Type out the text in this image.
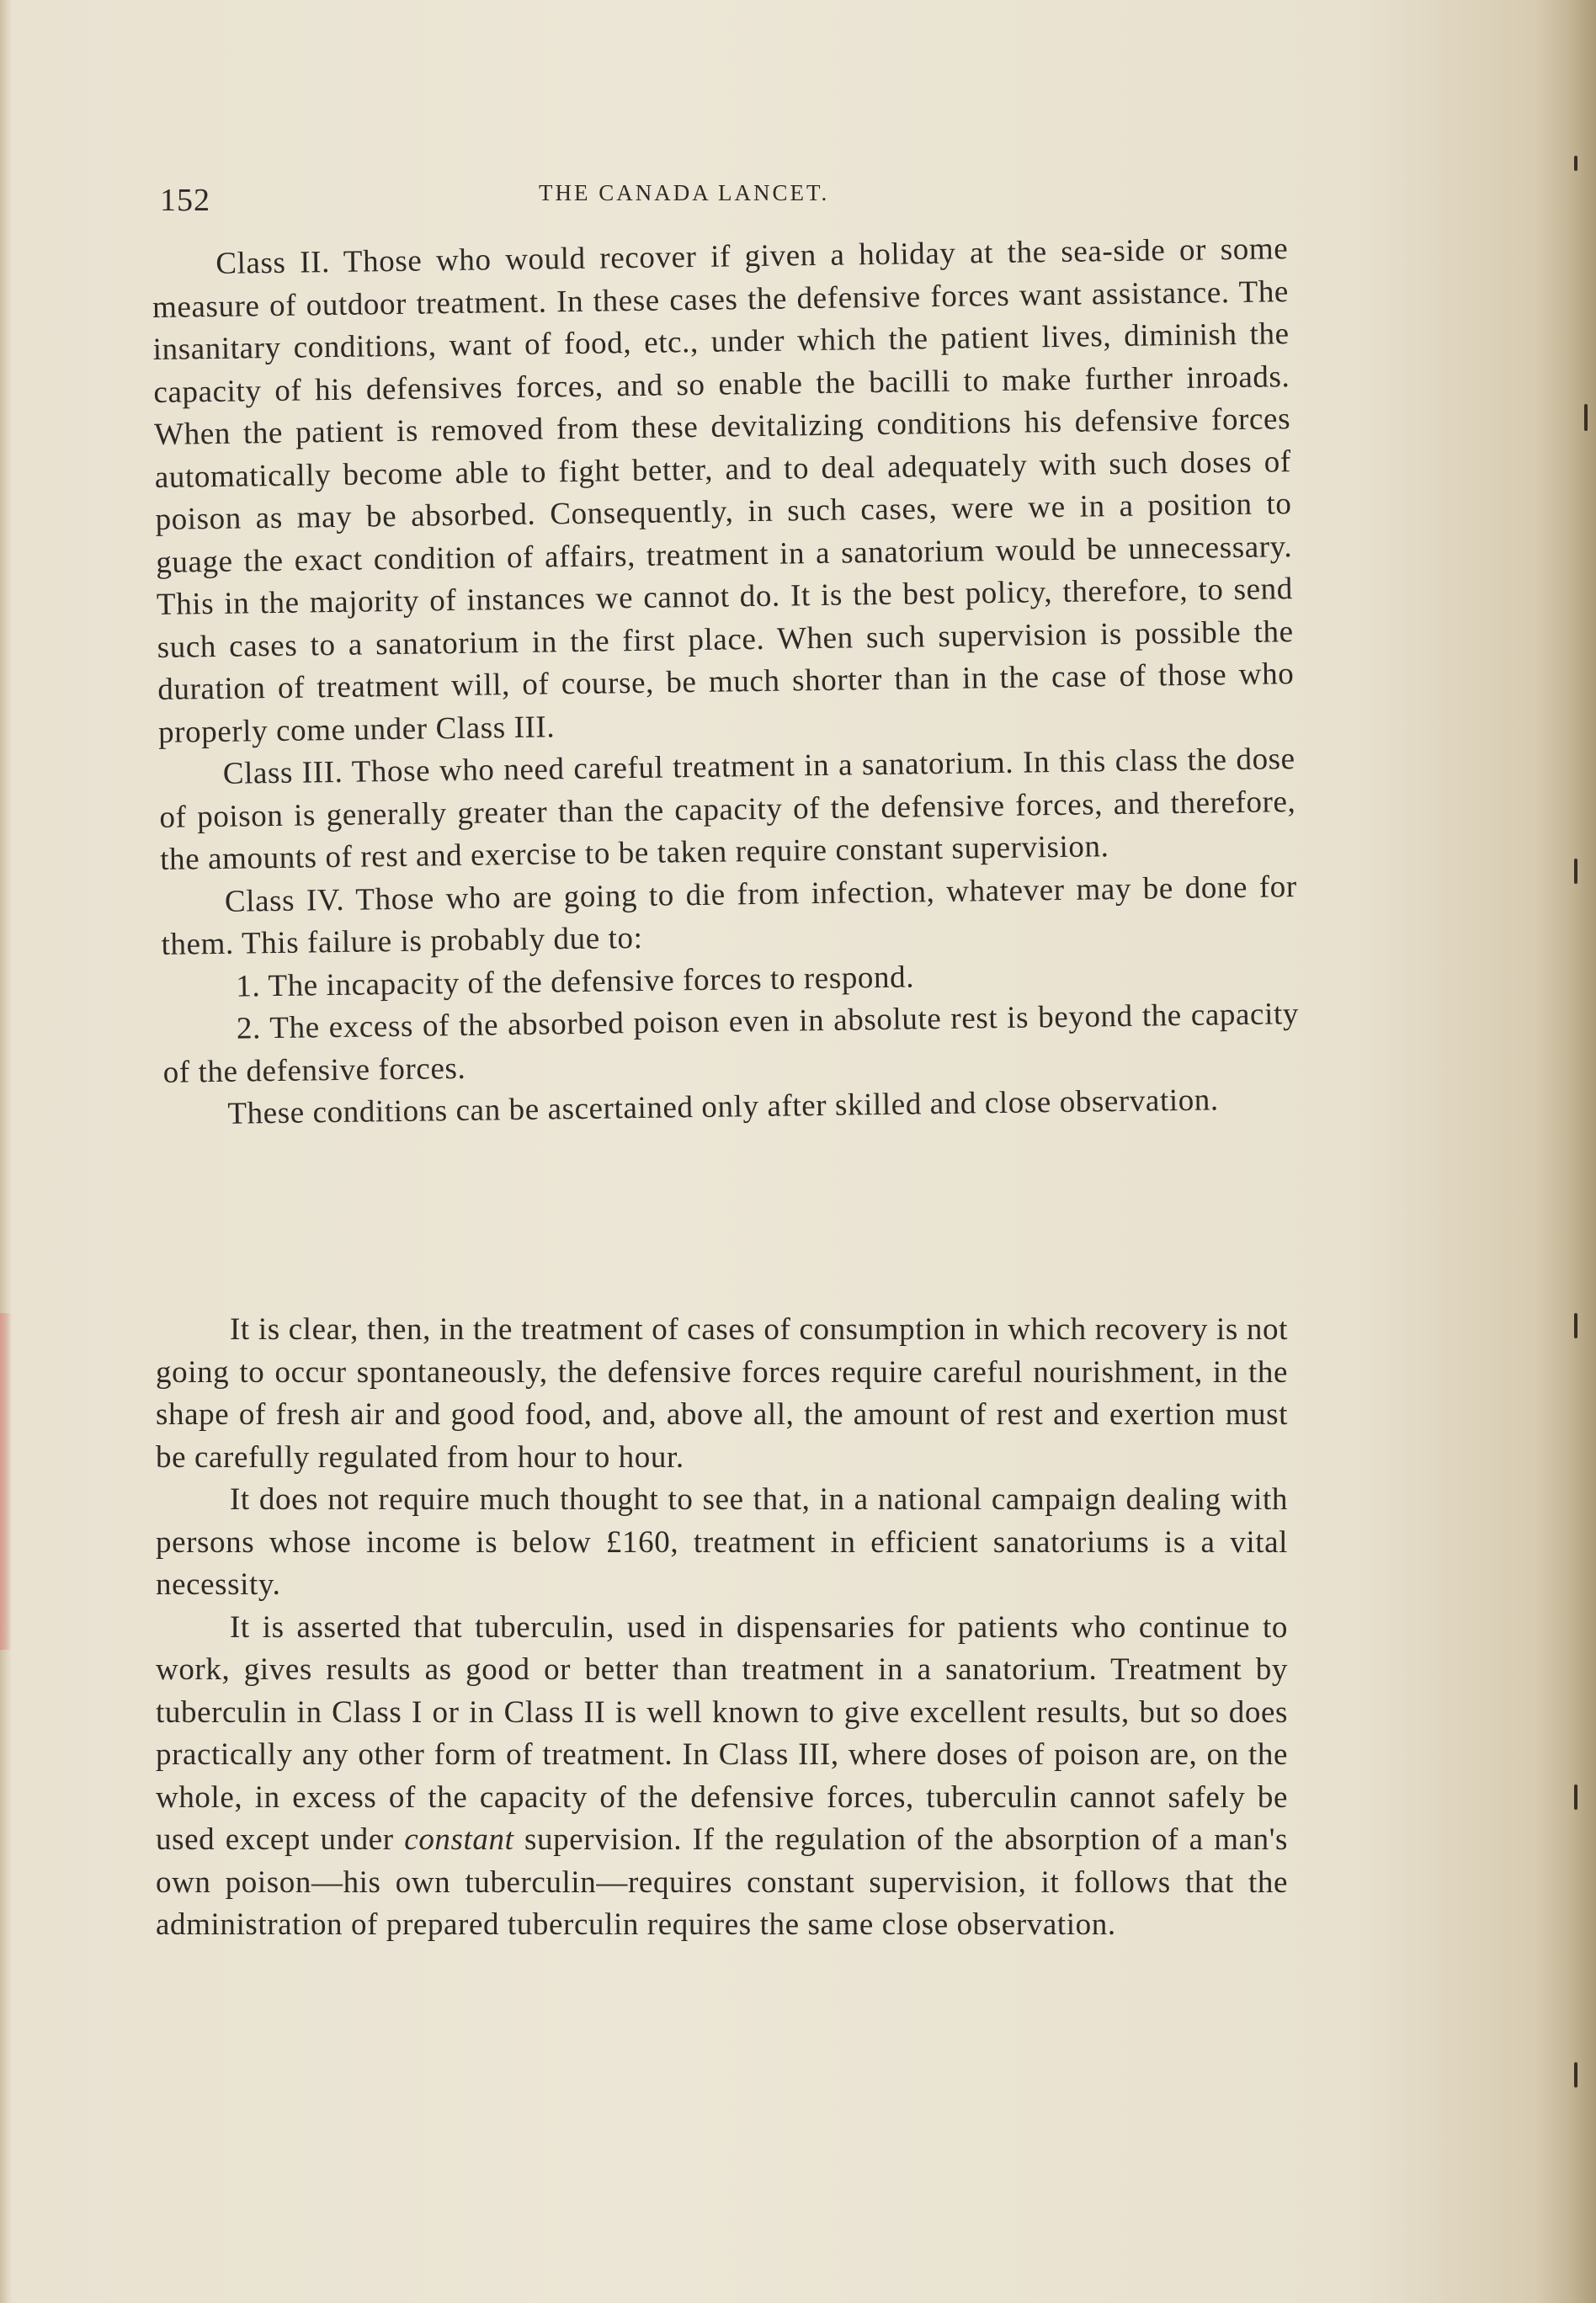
152	THE CANADA LANCET.

Class II. Those who would recover if given a holiday at the sea-side or some measure of outdoor treatment. In these cases the defensive forces want assistance. The insanitary conditions, want of food, etc., under which the patient lives, diminish the capacity of his defensives forces, and so enable the bacilli to make further inroads. When the patient is removed from these devitalizing conditions his defensive forces automatically become able to fight better, and to deal adequately with such doses of poison as may be absorbed. Consequently, in such cases, were we in a position to guage the exact condition of affairs, treatment in a sanatorium would be unnecessary. This in the majority of instances we cannot do. It is the best policy, therefore, to send such cases to a sanatorium in the first place. When such supervision is possible the duration of treatment will, of course, be much shorter than in the case of those who properly come under Class III.

Class III. Those who need careful treatment in a sanatorium. In this class the dose of poison is generally greater than the capacity of the defensive forces, and therefore, the amounts of rest and exercise to be taken require constant supervision.

Class IV. Those who are going to die from infection, whatever may be done for them. This failure is probably due to:

1. The incapacity of the defensive forces to respond.

2. The excess of the absorbed poison even in absolute rest is beyond the capacity of the defensive forces.

These conditions can be ascertained only after skilled and close observation.

It is clear, then, in the treatment of cases of consumption in which recovery is not going to occur spontaneously, the defensive forces require careful nourishment, in the shape of fresh air and good food, and, above all, the amount of rest and exertion must be carefully regulated from hour to hour.

It does not require much thought to see that, in a national campaign dealing with persons whose income is below £160, treatment in efficient sanatoriums is a vital necessity.

It is asserted that tuberculin, used in dispensaries for patients who continue to work, gives results as good or better than treatment in a sanatorium. Treatment by tuberculin in Class I or in Class II is well known to give excellent results, but so does practically any other form of treatment. In Class III, where doses of poison are, on the whole, in excess of the capacity of the defensive forces, tuberculin cannot safely be used except under constant supervision. If the regulation of the absorption of a man's own poison—his own tuberculin—requires constant supervision, it follows that the administration of prepared tuberculin requires the same close observation.
